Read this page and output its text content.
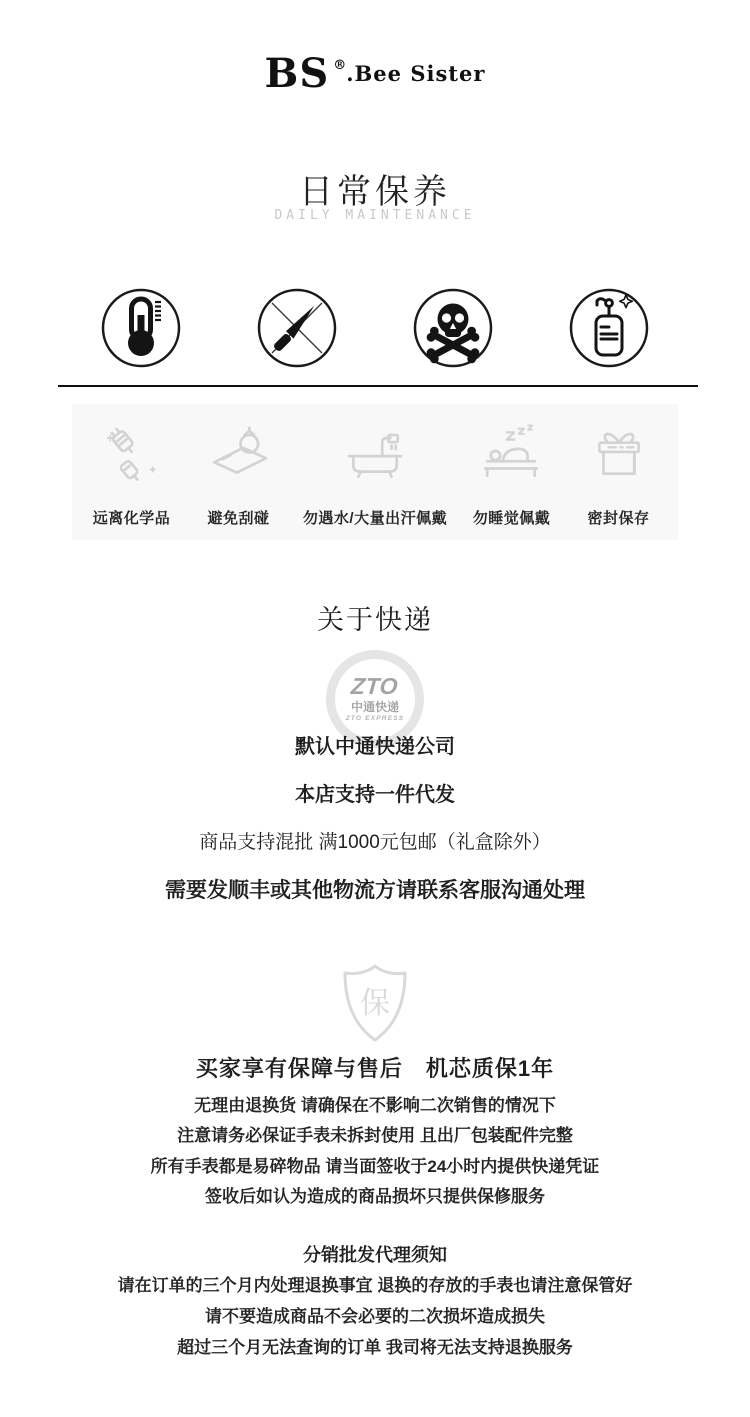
BS ®.Bee Sister
日常保养
DAILY MAINTENANCE
远离化学品 避免刮碰 勿遇水/大量出汗佩戴 勿睡觉佩戴 密封保存
关于快递
ZTO
中通快递
ZTO EXPRESS
默认中通快递公司
本店支持一件代发
商品支持混批 满1000元包邮（礼盒除外）
需要发顺丰或其他物流方请联系客服沟通处理
保
买家享有保障与售后　机芯质保1年
无理由退换货 请确保在不影响二次销售的情况下
注意请务必保证手表未拆封使用 且出厂包装配件完整
所有手表都是易碎物品 请当面签收于24小时内提供快递凭证
签收后如认为造成的商品损坏只提供保修服务
分销批发代理须知
请在订单的三个月内处理退换事宜 退换的存放的手表也请注意保管好
请不要造成商品不会必要的二次损坏造成损失
超过三个月无法查询的订单 我司将无法支持退换服务
